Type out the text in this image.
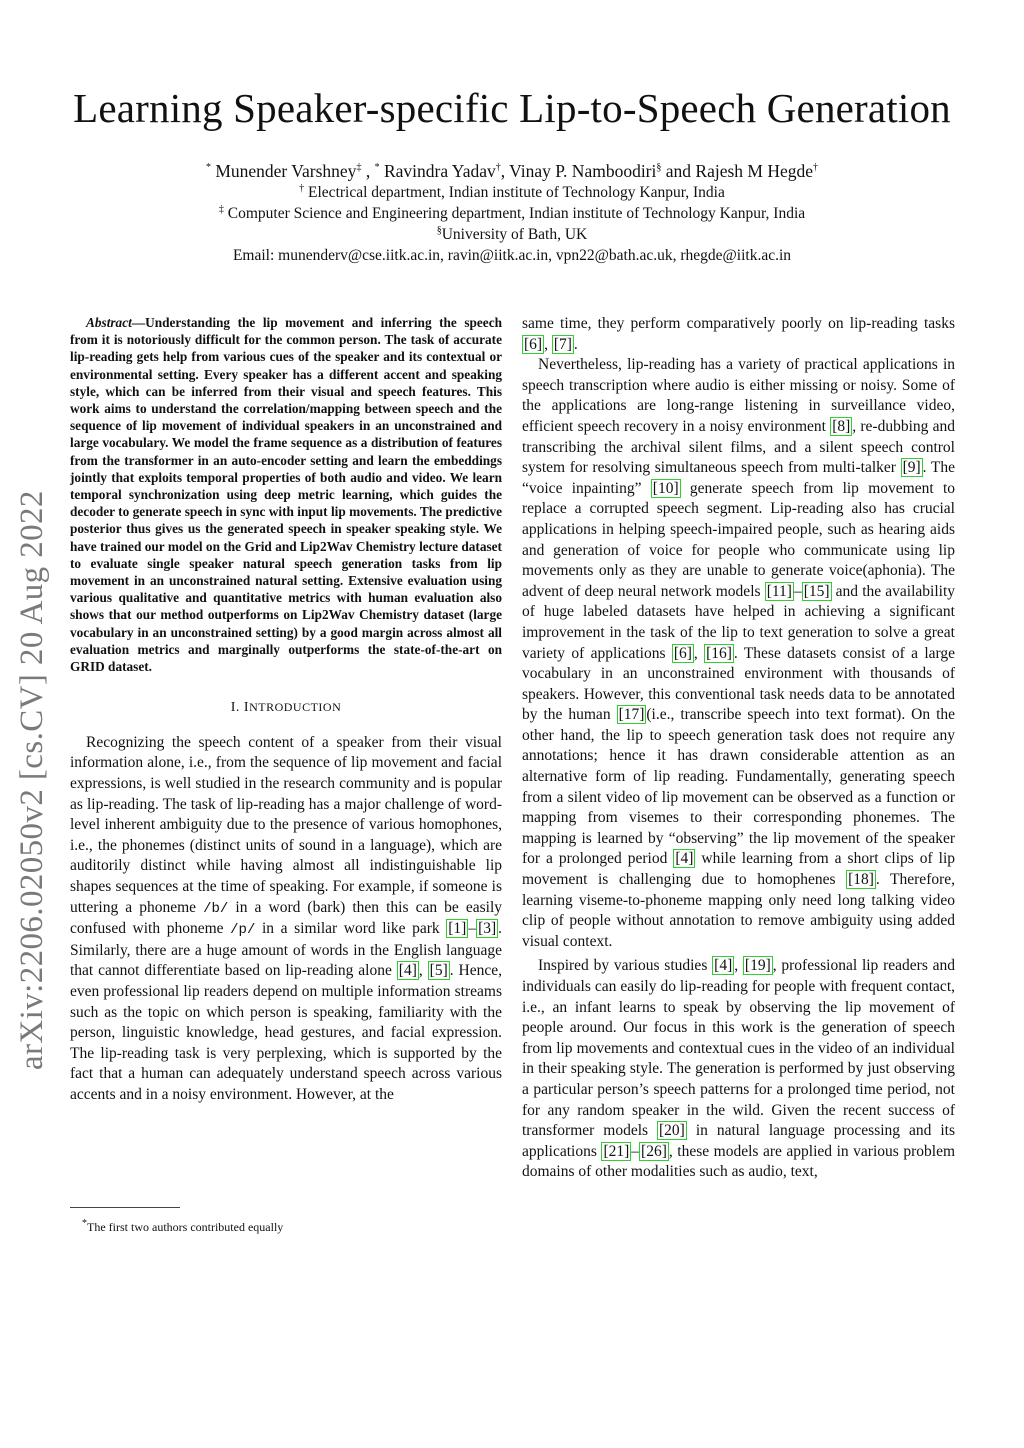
Learning Speaker-specific Lip-to-Speech Generation
* Munender Varshney‡ , * Ravindra Yadav†, Vinay P. Namboodiri§ and Rajesh M Hegde†
† Electrical department, Indian institute of Technology Kanpur, India
‡ Computer Science and Engineering department, Indian institute of Technology Kanpur, India
§University of Bath, UK
Email: munenderv@cse.iitk.ac.in, ravin@iitk.ac.in, vpn22@bath.ac.uk, rhegde@iitk.ac.in
arXiv:2206.02050v2 [cs.CV] 20 Aug 2022
Abstract—Understanding the lip movement and inferring the speech from it is notoriously difficult for the common person. The task of accurate lip-reading gets help from various cues of the speaker and its contextual or environmental setting. Every speaker has a different accent and speaking style, which can be inferred from their visual and speech features. This work aims to understand the correlation/mapping between speech and the sequence of lip movement of individual speakers in an unconstrained and large vocabulary. We model the frame sequence as a distribution of features from the transformer in an auto-encoder setting and learn the embeddings jointly that exploits temporal properties of both audio and video. We learn temporal synchronization using deep metric learning, which guides the decoder to generate speech in sync with input lip movements. The predictive posterior thus gives us the generated speech in speaker speaking style. We have trained our model on the Grid and Lip2Wav Chemistry lecture dataset to evaluate single speaker natural speech generation tasks from lip movement in an unconstrained natural setting. Extensive evaluation using various qualitative and quantitative metrics with human evaluation also shows that our method outperforms on Lip2Wav Chemistry dataset (large vocabulary in an unconstrained setting) by a good margin across almost all evaluation metrics and marginally outperforms the state-of-the-art on GRID dataset.
I. INTRODUCTION

Recognizing the speech content of a speaker from their visual information alone, i.e., from the sequence of lip movement and facial expressions, is well studied in the research community and is popular as lip-reading. The task of lip-reading has a major challenge of word-level inherent ambiguity due to the presence of various homophones, i.e., the phonemes (distinct units of sound in a language), which are auditorily distinct while having almost all indistinguishable lip shapes sequences at the time of speaking. For example, if someone is uttering a phoneme /b/ in a word (bark) then this can be easily confused with phoneme /p/ in a similar word like park [1] – [3] . Similarly, there are a huge amount of words in the English language that cannot differentiate based on lip-reading alone [4] , [5] . Hence, even professional lip readers depend on multiple information streams such as the topic on which person is speaking, familiarity with the person, linguistic knowledge, head gestures, and facial expression. The lip-reading task is very perplexing, which is supported by the fact that a human can adequately understand speech across various accents and in a noisy environment. However, at the

*The first two authors contributed equally

same time, they perform comparatively poorly on lip-reading tasks [6] , [7] .

Nevertheless, lip-reading has a variety of practical applications in speech transcription where audio is either missing or noisy. Some of the applications are long-range listening in surveillance video, efficient speech recovery in a noisy environment [8] , re-dubbing and transcribing the archival silent films, and a silent speech control system for resolving simultaneous speech from multi-talker [9] . The “voice inpainting” [10] generate speech from lip movement to replace a corrupted speech segment. Lip-reading also has crucial applications in helping speech-impaired people, such as hearing aids and generation of voice for people who communicate using lip movements only as they are unable to generate voice(aphonia). The advent of deep neural network models [11] – [15] and the availability of huge labeled datasets have helped in achieving a significant improvement in the task of the lip to text generation to solve a great variety of applications [6] , [16] . These datasets consist of a large vocabulary in an unconstrained environment with thousands of speakers. However, this conventional task needs data to be annotated by the human [17] (i.e., transcribe speech into text format). On the other hand, the lip to speech generation task does not require any annotations; hence it has drawn considerable attention as an alternative form of lip reading. Fundamentally, generating speech from a silent video of lip movement can be observed as a function or mapping from visemes to their corresponding phonemes. The mapping is learned by “observing” the lip movement of the speaker for a prolonged period [4] while learning from a short clips of lip movement is challenging due to homophenes [18] . Therefore, learning viseme-to-phoneme mapping only need long talking video clip of people without annotation to remove ambiguity using added visual context.

Inspired by various studies [4] , [19] , professional lip readers and individuals can easily do lip-reading for people with frequent contact, i.e., an infant learns to speak by observing the lip movement of people around. Our focus in this work is the generation of speech from lip movements and contextual cues in the video of an individual in their speaking style. The generation is performed by just observing a particular person’s speech patterns for a prolonged time period, not for any random speaker in the wild. Given the recent success of transformer models [20] in natural language processing and its applications [21] – [26] , these models are applied in various problem domains of other modalities such as audio, text,
